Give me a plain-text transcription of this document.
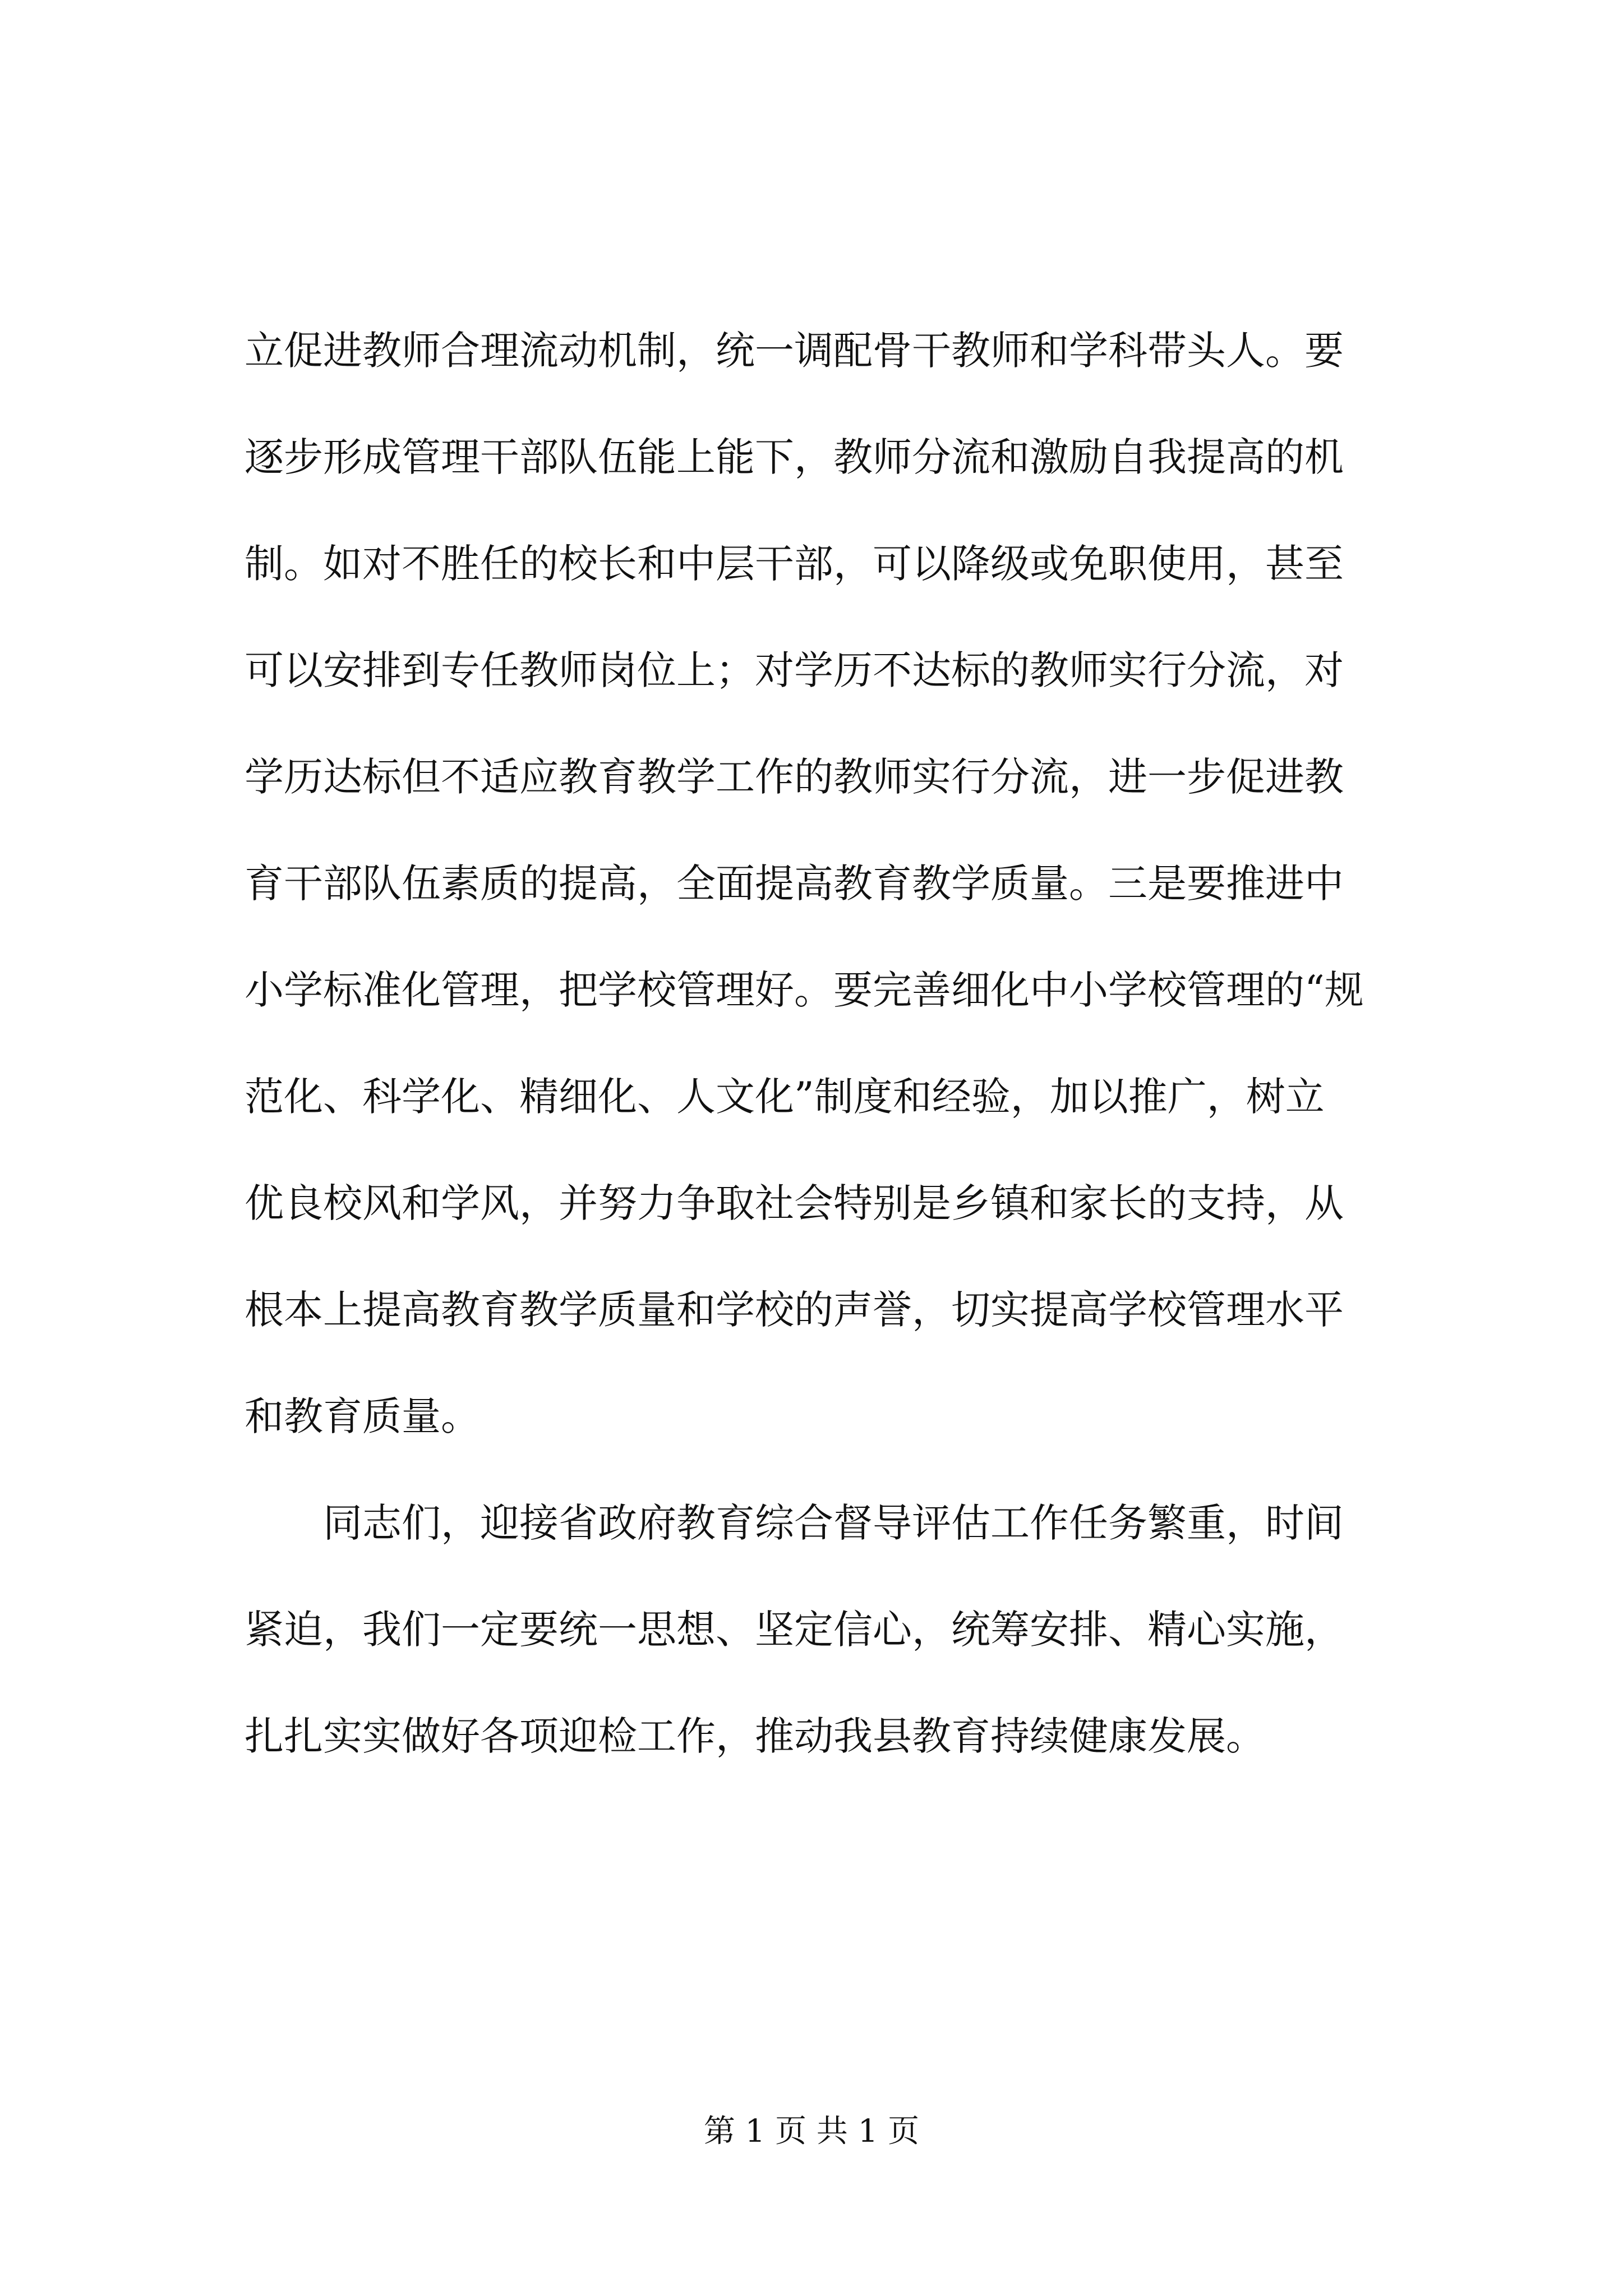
立促进教师合理流动机制，统一调配骨干教师和学科带头人。要
逐步形成管理干部队伍能上能下，教师分流和激励自我提高的机
制。如对不胜任的校长和中层干部，可以降级或免职使用，甚至
可以安排到专任教师岗位上；对学历不达标的教师实行分流，对
学历达标但不适应教育教学工作的教师实行分流，进一步促进教
育干部队伍素质的提高，全面提高教育教学质量。三是要推进中
小学标准化管理，把学校管理好。要完善细化中小学校管理的“规
范化、科学化、精细化、人文化”制度和经验，加以推广，树立
优良校风和学风，并努力争取社会特别是乡镇和家长的支持，从
根本上提高教育教学质量和学校的声誉，切实提高学校管理水平
和教育质量。
同志们，迎接省政府教育综合督导评估工作任务繁重，时间
紧迫，我们一定要统一思想、坚定信心，统筹安排、精心实施，
扎扎实实做好各项迎检工作，推动我县教育持续健康发展。
第 1 页 共 1 页
